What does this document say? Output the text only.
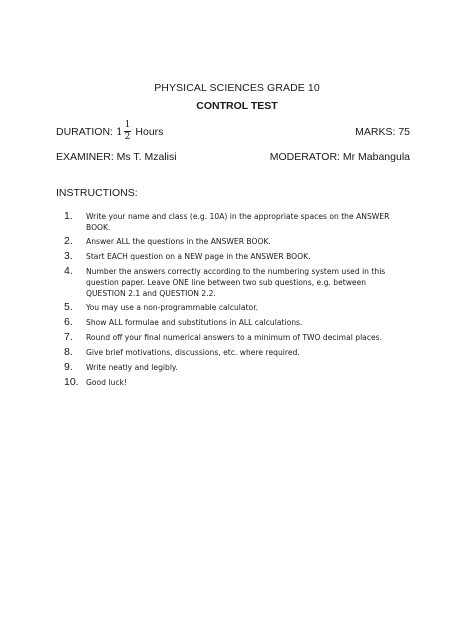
PHYSICAL SCIENCES GRADE 10
CONTROL TEST
DURATION: $1 \frac{1}{2}$ Hours	MARKS: 75
EXAMINER: Ms T. Mzalisi	MODERATOR: Mr Mabangula
INSTRUCTIONS:
1.	Write your name and class (e.g. 10A) in the appropriate spaces on the ANSWER BOOK.
2.	Answer ALL the questions in the ANSWER BOOK.
3.	Start EACH question on a NEW page in the ANSWER BOOK.
4.	Number the answers correctly according to the numbering system used in this question paper. Leave ONE line between two sub questions, e.g. between QUESTION 2.1 and QUESTION 2.2.
5.	You may use a non-programmable calculator.
6.	Show ALL formulae and substitutions in ALL calculations.
7.	Round off your final numerical answers to a minimum of TWO decimal places.
8.	Give brief motivations, discussions, etc. where required.
9.	Write neatly and legibly.
10. Good luck!
